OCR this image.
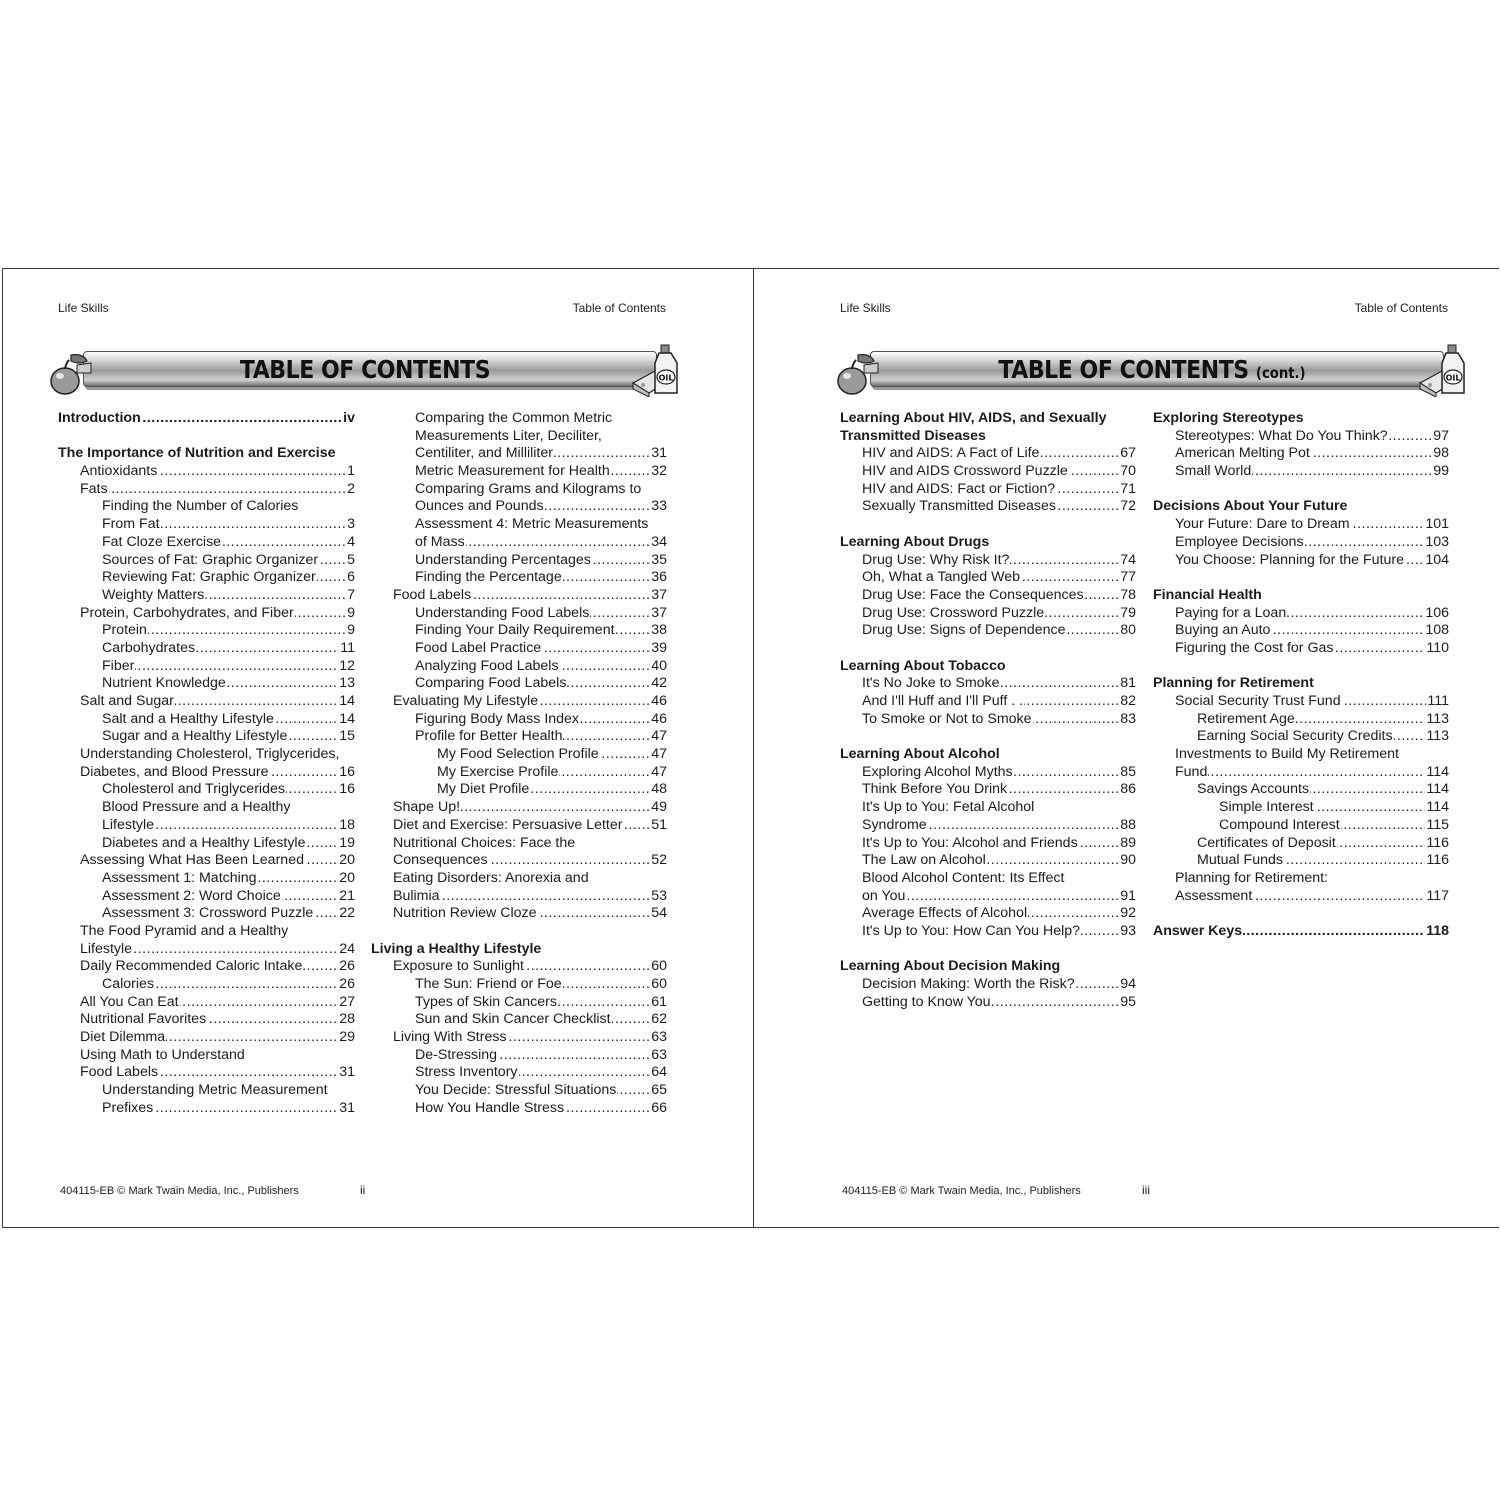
Life Skills	Table of Contents
TABLE OF CONTENTS	OIL
.....
Introduction	iv
The Importance of Nutrition and Exercise
.....
Antioxidants	1
.....
Fats	2
Finding the Number of Calories
.....
From Fat	3
.....
Fat Cloze Exercise	4
.....
Sources of Fat: Graphic Organizer 5
.....
Reviewing Fat: Graphic Organizer 6
.....
Weighty Matters	7
.....
Protein, Carbohydrates, and Fiber	9
.....
Protein	9
.....
Carbohydrates	11
.....
Fiber	12
.....
Nutrient Knowledge	13
.....
Salt and Sugar	14
.....
Salt and a Healthy Lifestyle	14
.....
Sugar and a Healthy Lifestyle	15
Understanding Cholesterol, Triglycerides,
.....
Diabetes, and Blood Pressure	16
.....
Cholesterol and Triglycerides	16
Blood Pressure and a Healthy
.....
Lifestyle	18
.....
Diabetes and a Healthy Lifestyle 19
.....
Assessing What Has Been Learned 20
.....
Assessment 1: Matching	20
.....
Assessment 2: Word Choice	21
.....
Assessment 3: Crossword Puzzle 22
The Food Pyramid and a Healthy
.....
Lifestyle	24
.....
Daily Recommended Caloric Intake	26
.....
Calories	26
.....
All You Can Eat	27
.....
Nutritional Favorites	28
.....
Diet Dilemma	29
Using Math to Understand
.....
Food Labels	31
Understanding Metric Measurement
.....
Prefixes	31
Comparing the Common Metric
Measurements Liter, Deciliter,
.....
Centiliter, and Milliliter	31
.....
Metric Measurement for Health	32
Comparing Grams and Kilograms to
.....
Ounces and Pounds	33
Assessment 4: Metric Measurements
.....
of Mass	34
.....
Understanding Percentages	35
.....
Finding the Percentage	36
.....
Food Labels	37
.....
Understanding Food Labels	37
.....
Finding Your Daily Requirement	38
.....
Food Label Practice	39
.....
Analyzing Food Labels	40
.....
Comparing Food Labels	42
.....
Evaluating My Lifestyle	46
.....
Figuring Body Mass Index	46
.....
Profile for Better Health	47
.....
My Food Selection Profile	47
.....
My Exercise Profile	47
.....
My Diet Profile	48
.....
Shape Up!	49
.....
Diet and Exercise: Persuasive Letter 51
Nutritional Choices: Face the
.....
Consequences	52
Eating Disorders: Anorexia and
.....
Bulimia	53
.....
Nutrition Review Cloze	54
Living a Healthy Lifestyle
.....
Exposure to Sunlight	60
.....
The Sun: Friend or Foe	60
.....
Types of Skin Cancers	61
.....
Sun and Skin Cancer Checklist	62
.....
Living With Stress	63
.....
De-Stressing	63
.....
Stress Inventory	64
.....
You Decide: Stressful Situations 65
.....
How You Handle Stress	66
404115-EB © Mark Twain Media, Inc., Publishers	ii
Life Skills	Table of Contents
TABLE OF CONTENTS (cont.)	OIL
Learning About HIV, AIDS, and Sexually
Transmitted Diseases
.....
HIV and AIDS: A Fact of Life	67
.....
HIV and AIDS Crossword Puzzle	70
.....
HIV and AIDS: Fact or Fiction?	71
.....
Sexually Transmitted Diseases	72
Learning About Drugs
.....
Drug Use: Why Risk It?	74
.....
Oh, What a Tangled Web	77
.....
Drug Use: Face the Consequences	78
.....
Drug Use: Crossword Puzzle	79
.....
Drug Use: Signs of Dependence	80
Learning About Tobacco
.....
It's No Joke to Smoke	81
.....
And I'll Huff and I'll Puff . .	82
.....
To Smoke or Not to Smoke	83
Learning About Alcohol
.....
Exploring Alcohol Myths	85
.....
Think Before You Drink	86
It's Up to You: Fetal Alcohol
.....
Syndrome	88
.....
It's Up to You: Alcohol and Friends	89
.....
The Law on Alcohol	90
Blood Alcohol Content: Its Effect
.....
on You	91
.....
Average Effects of Alcohol	92
.....
It's Up to You: How Can You Help?	93
Learning About Decision Making
.....
Decision Making: Worth the Risk?	94
.....
Getting to Know You	95
Exploring Stereotypes
.....
Stereotypes: What Do You Think?	97
.....
American Melting Pot	98
.....
Small World	99
Decisions About Your Future
.....
Your Future: Dare to Dream	101
.....
Employee Decisions	103
.....
You Choose: Planning for the Future 104
Financial Health
.....
Paying for a Loan	106
.....
Buying an Auto	108
.....
Figuring the Cost for Gas	110
Planning for Retirement
.....
Social Security Trust Fund	111
.....
Retirement Age	113
.....
Earning Social Security Credits 113
Investments to Build My Retirement
.....
Fund	114
.....
Savings Accounts	114
.....
Simple Interest	114
.....
Compound Interest	115
.....
Certificates of Deposit	116
.....
Mutual Funds	116
Planning for Retirement:
.....
Assessment	117
.....
Answer Keys	118
404115-EB © Mark Twain Media, Inc., Publishers	iii
